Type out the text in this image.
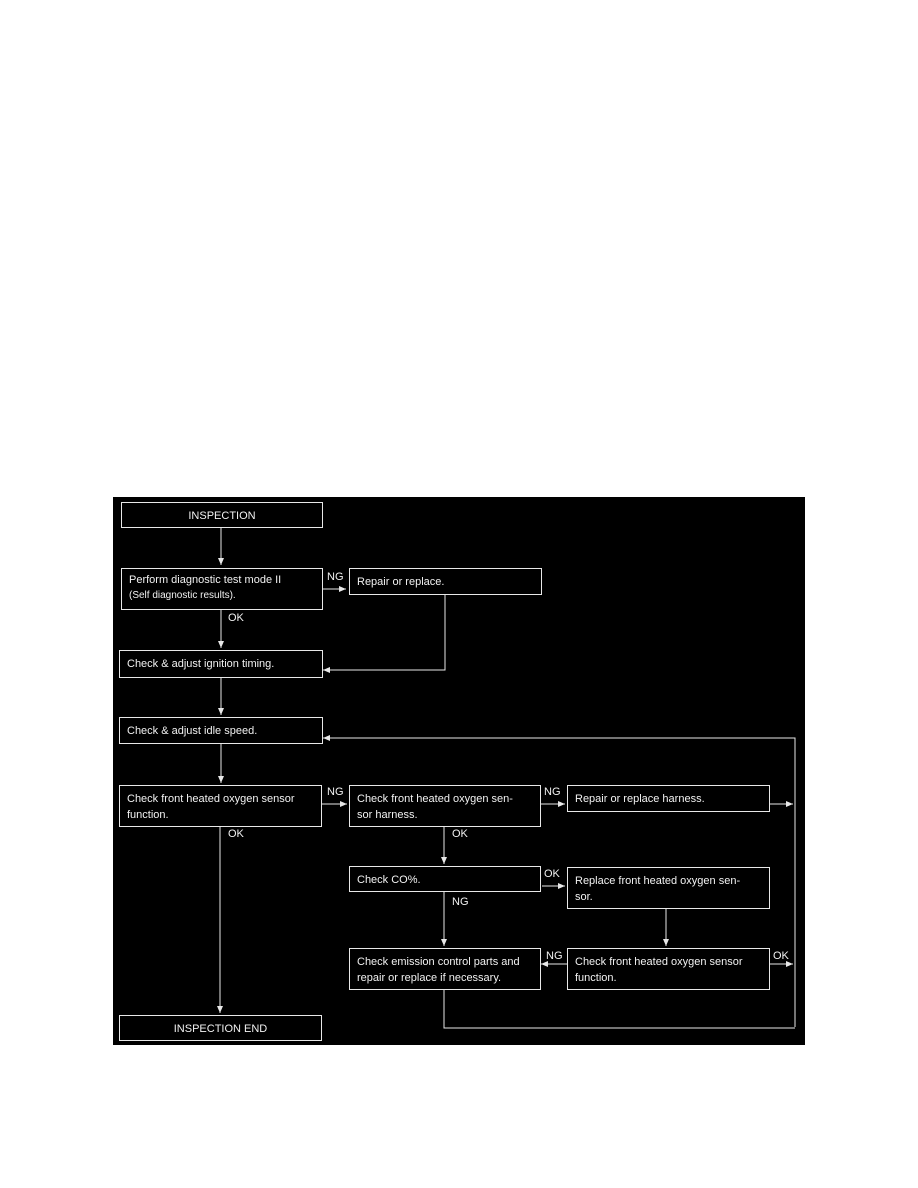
INSPECTION
Perform diagnostic test mode II
(Self diagnostic results).
Repair or replace.
Check & adjust ignition timing.
Check & adjust idle speed.
Check front heated oxygen sensor
function.
Check front heated oxygen sen-
sor harness.
Repair or replace harness.
Check CO%.	Replace front heated oxygen sen-
sor.
Check emission control parts and
repair or replace if necessary.
Check front heated oxygen sensor
function.
INSPECTION END
NG
OK
NG
OK
NG
OK
OK
NG
NG	OK
